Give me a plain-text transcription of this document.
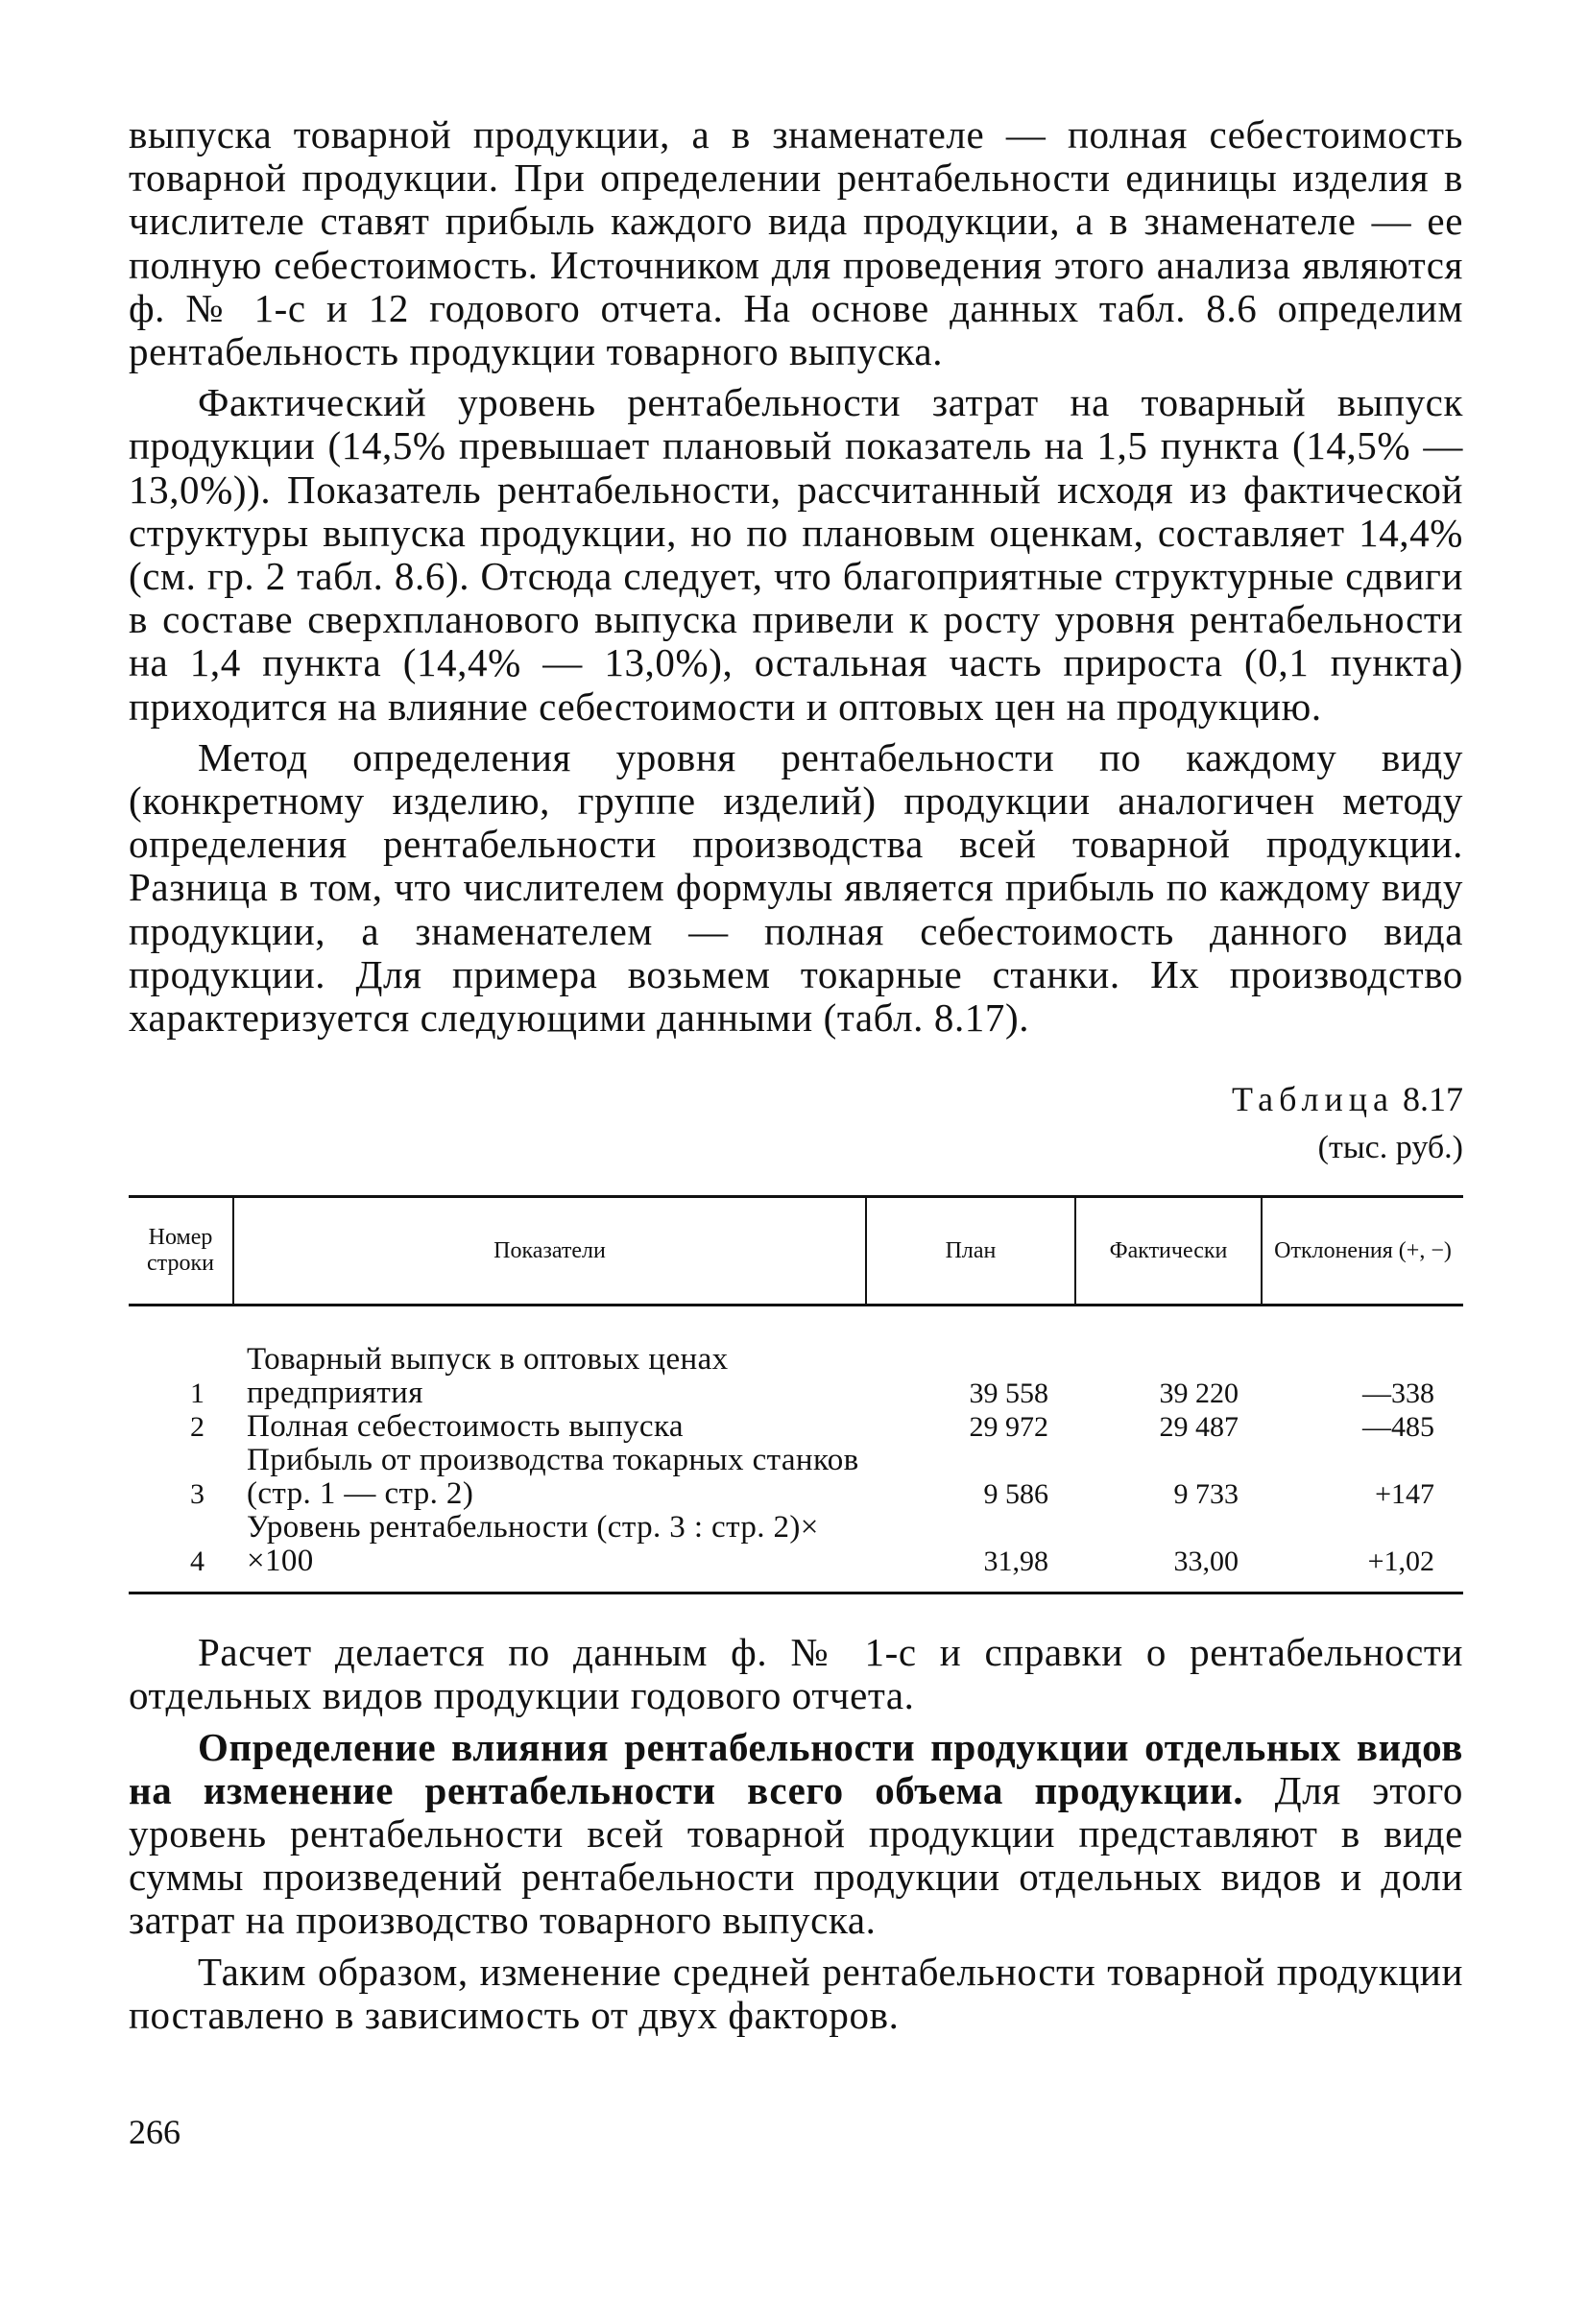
выпуска товарной продукции, а в знаменателе — полная себестоимость товарной продукции. При определении рентабельности единицы изделия в числителе ставят прибыль каждого вида продукции, а в знаменателе — ее полную себестоимость. Источником для проведения этого анализа являются ф. № 1-с и 12 годового отчета. На основе данных табл. 8.6 определим рентабельность продукции товарного выпуска.

Фактический уровень рентабельности затрат на товарный выпуск продукции (14,5% превышает плановый показатель на 1,5 пункта (14,5% — 13,0%)). Показатель рентабельности, рассчитанный исходя из фактической структуры выпуска продукции, но по плановым оценкам, составляет 14,4% (см. гр. 2 табл. 8.6). Отсюда следует, что благоприятные структурные сдвиги в составе сверхпланового выпуска привели к росту уровня рентабельности на 1,4 пункта (14,4% — 13,0%), остальная часть прироста (0,1 пункта) приходится на влияние себестоимости и оптовых цен на продукцию.

Метод определения уровня рентабельности по каждому виду (конкретному изделию, группе изделий) продукции аналогичен методу определения рентабельности производства всей товарной продукции. Разница в том, что числителем формулы является прибыль по каждому виду продукции, а знаменателем — полная себестоимость данного вида продукции. Для примера возьмем токарные станки. Их производство характеризуется следующими данными (табл. 8.17).

Таблица 8.17
(тыс. руб.)
Номер строки	Показатели	План	Фактически	Отклонения (+, −)
1	Товарный выпуск в оптовых ценах предприятия	39 558	39 220	—338
2	Полная себестоимость выпуска	29 972	29 487	—485
3	Прибыль от производства токарных станков (стр. 1 — стр. 2)	9 586	9 733	+147
4	Уровень рентабельности (стр. 3 : стр. 2)× ×100	31,98	33,00	+1,02

Расчет делается по данным ф. № 1-с и справки о рентабельности отдельных видов продукции годового отчета.

Определение влияния рентабельности продукции отдельных видов на изменение рентабельности всего объема продукции. Для этого уровень рентабельности всей товарной продукции представляют в виде суммы произведений рентабельности продукции отдельных видов и доли затрат на производство товарного выпуска.

Таким образом, изменение средней рентабельности товарной продукции поставлено в зависимость от двух факторов.

266
